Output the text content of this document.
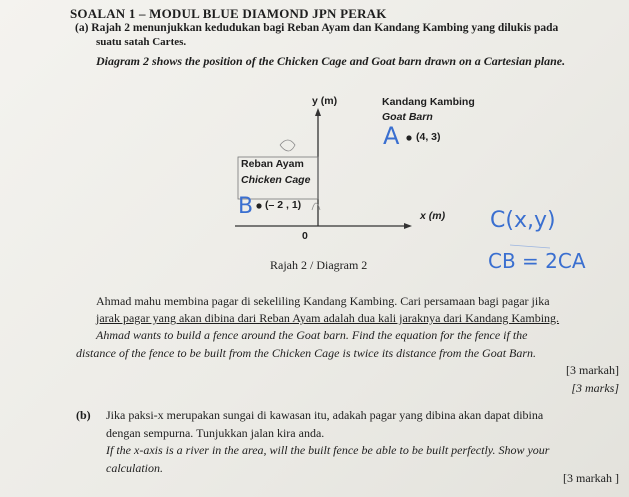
SOALAN 1 – MODUL BLUE DIAMOND JPN PERAK
(a) Rajah 2 menunjukkan kedudukan bagi Reban Ayam dan Kandang Kambing yang dilukis pada
suatu satah Cartes.
Diagram 2 shows the position of the Chicken Cage and Goat barn drawn on a Cartesian plane.
y (m)	Kandang Kambing
Goat Barn
(4, 3)
Reban Ayam
Chicken Cage
(– 2 , 1)
x (m)
0
A
B
C(x,y)
CB = 2CA
Rajah 2 / Diagram 2
Ahmad mahu membina pagar di sekeliling Kandang Kambing. Cari persamaan bagi pagar jika
jarak pagar yang akan dibina dari Reban Ayam adalah dua kali jaraknya dari Kandang Kambing.
Ahmad wants to build a fence around the Goat barn. Find the equation for the fence if the
distance of the fence to be built from the Chicken Cage is twice its distance from the Goat Barn.
[3 markah]
[3 marks]
(b) Jika paksi-x merupakan sungai di kawasan itu, adakah pagar yang dibina akan dapat dibina
dengan sempurna. Tunjukkan jalan kira anda.
If the x-axis is a river in the area, will the built fence be able to be built perfectly. Show your
calculation.
[3 markah ]
